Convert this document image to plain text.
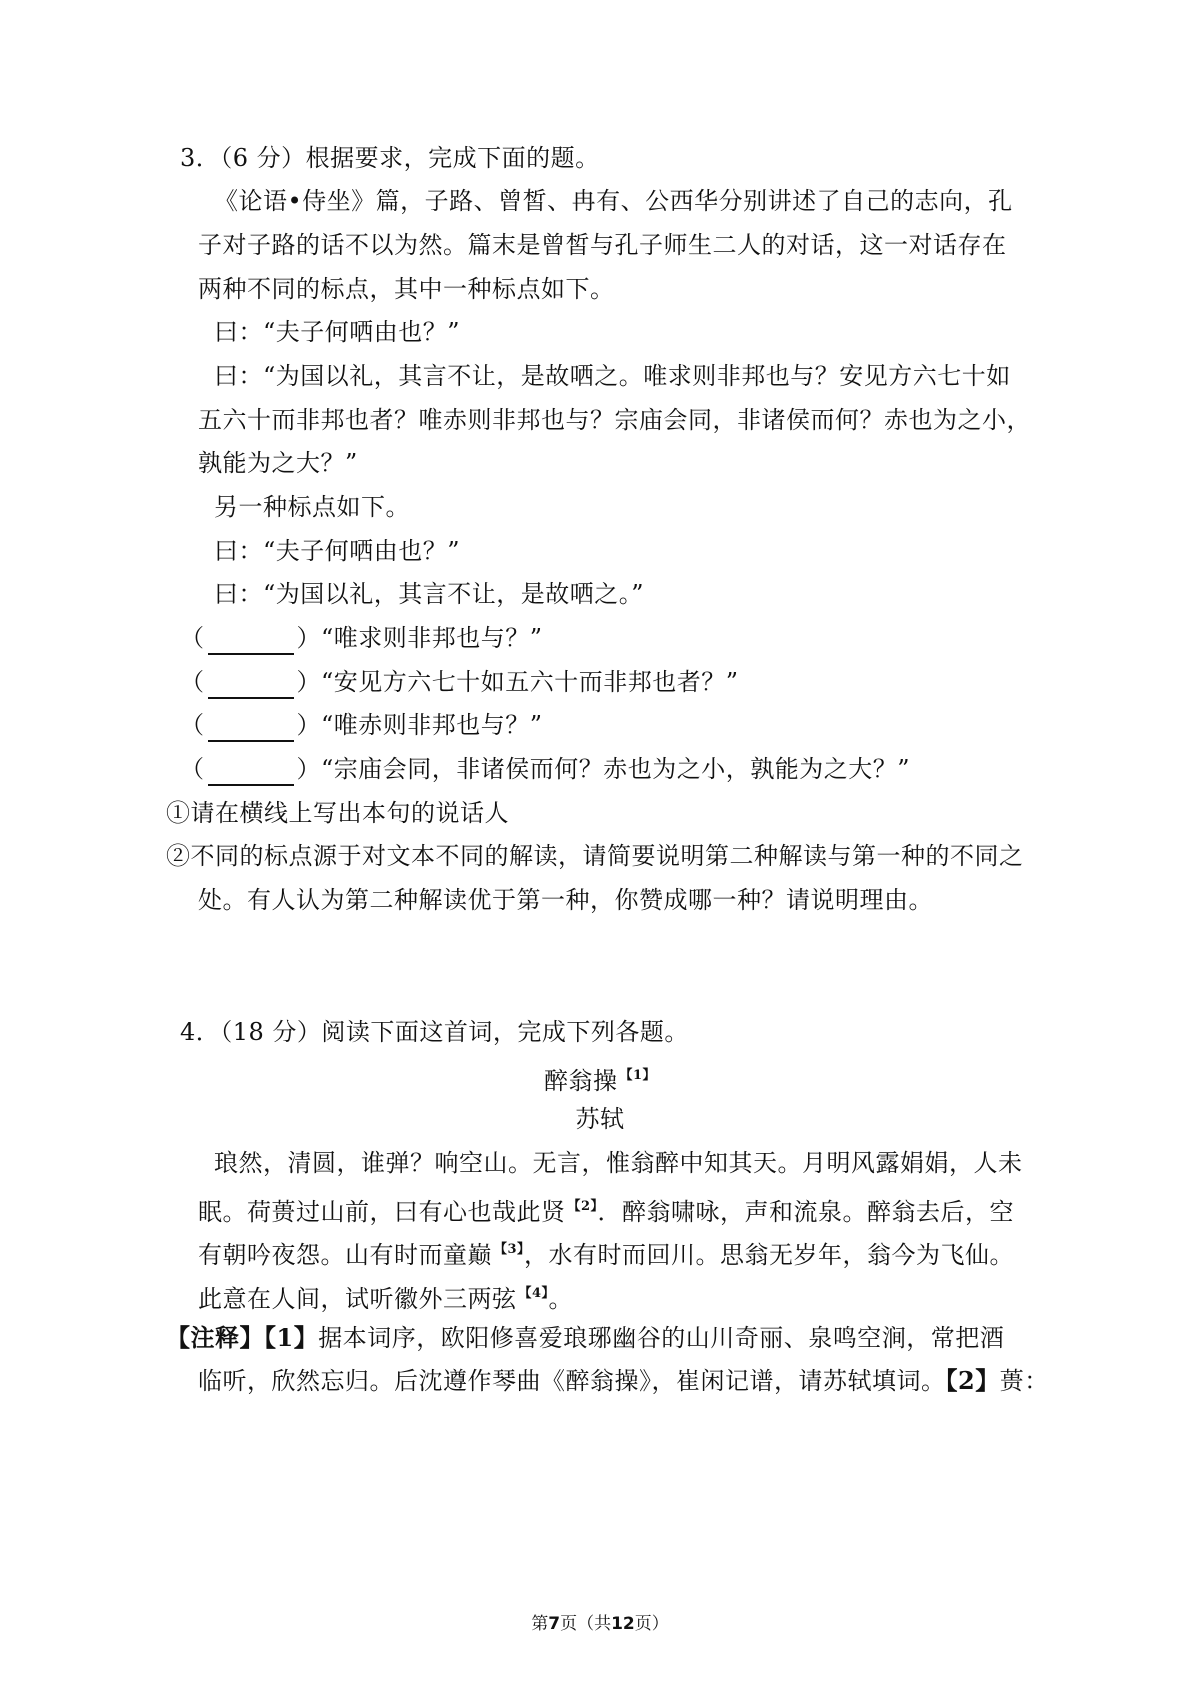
3．（6 分）根据要求，完成下面的题。
《论语•侍坐》篇，子路、曾皙、冉有、公西华分别讲述了自己的志向，孔
子对子路的话不以为然。篇末是曾皙与孔子师生二人的对话，这一对话存在
两种不同的标点，其中一种标点如下。
曰：“夫子何哂由也？”
曰：“为国以礼，其言不让，是故哂之。唯求则非邦也与？安见方六七十如
五六十而非邦也者？唯赤则非邦也与？宗庙会同，非诸侯而何？赤也为之小，
孰能为之大？”
另一种标点如下。
曰：“夫子何哂由也？”
曰：“为国以礼，其言不让，是故哂之。”
（	）“唯求则非邦也与？”
（	）“安见方六七十如五六十而非邦也者？”
（	）“唯赤则非邦也与？”
（	）“宗庙会同，非诸侯而何？赤也为之小，孰能为之大？”
①请在横线上写出本句的说话人
②不同的标点源于对文本不同的解读，请简要说明第二种解读与第一种的不同之
处。有人认为第二种解读优于第一种，你赞成哪一种？请说明理由。
4．（18 分）阅读下面这首词，完成下列各题。
醉翁操 $^{【1】}$
苏轼
琅然，清圆，谁弹？响空山。无言，惟翁醉中知其天。月明风露娟娟，人未
眠。荷蒉过山前，曰有心也哉此贤 $^{【2】}$．醉翁啸咏，声和流泉。醉翁去后，空
有朝吟夜怨。山有时而童巅 $^{【3】}$，水有时而回川。思翁无岁年，翁今为飞仙。
此意在人间，试听徽外三两弦 $^{【4】}$。
【注释】【1】据本词序，欧阳修喜爱琅琊幽谷的山川奇丽、泉鸣空涧，常把酒
临听，欣然忘归。后沈遵作琴曲《醉翁操》，崔闲记谱，请苏轼填词。【2】蒉：
第7页（共12页）
